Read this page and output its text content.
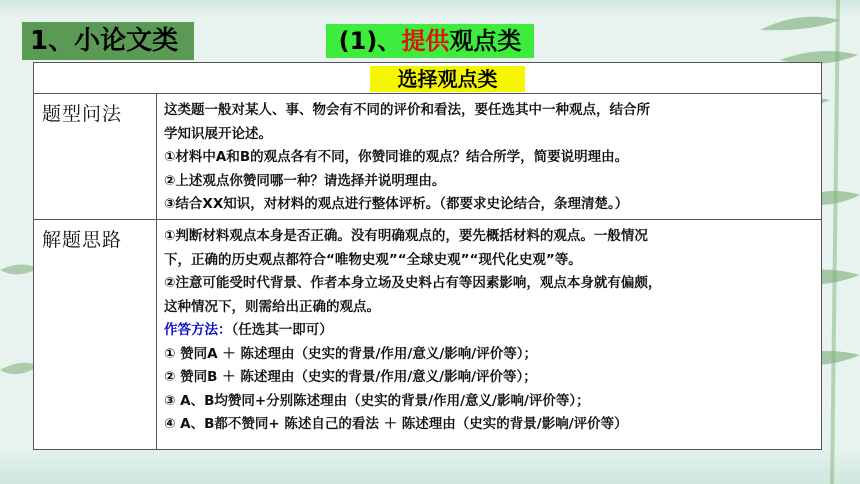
1、小论文类	(1)、提供观点类
选择观点类
题型问法	这类题一般对某人、事、物会有不同的评价和看法，要任选其中一种观点，结合所

学知识展开论述。

①材料中A和B的观点各有不同，你赞同谁的观点？结合所学，简要说明理由。

②上述观点你赞同哪一种？请选择并说明理由。

③结合XX知识，对材料的观点进行整体评析。（都要求史论结合，条理清楚。）

解题思路	①判断材料观点本身是否正确。没有明确观点的，要先概括材料的观点。一般情况

下，正确的历史观点都符合“唯物史观”“全球史观”“现代化史观”等。

②注意可能受时代背景、作者本身立场及史料占有等因素影响，观点本身就有偏颇，

这种情况下，则需给出正确的观点。

作答方法：（任选其一即可）

① 赞同A ＋ 陈述理由（史实的背景/作用/意义/影响/评价等）；

② 赞同B ＋ 陈述理由（史实的背景/作用/意义/影响/评价等）；

③ A、B均赞同+分别陈述理由（史实的背景/作用/意义/影响/评价等）；

④ A、B都不赞同+ 陈述自己的看法 ＋ 陈述理由（史实的背景/影响/评价等）
